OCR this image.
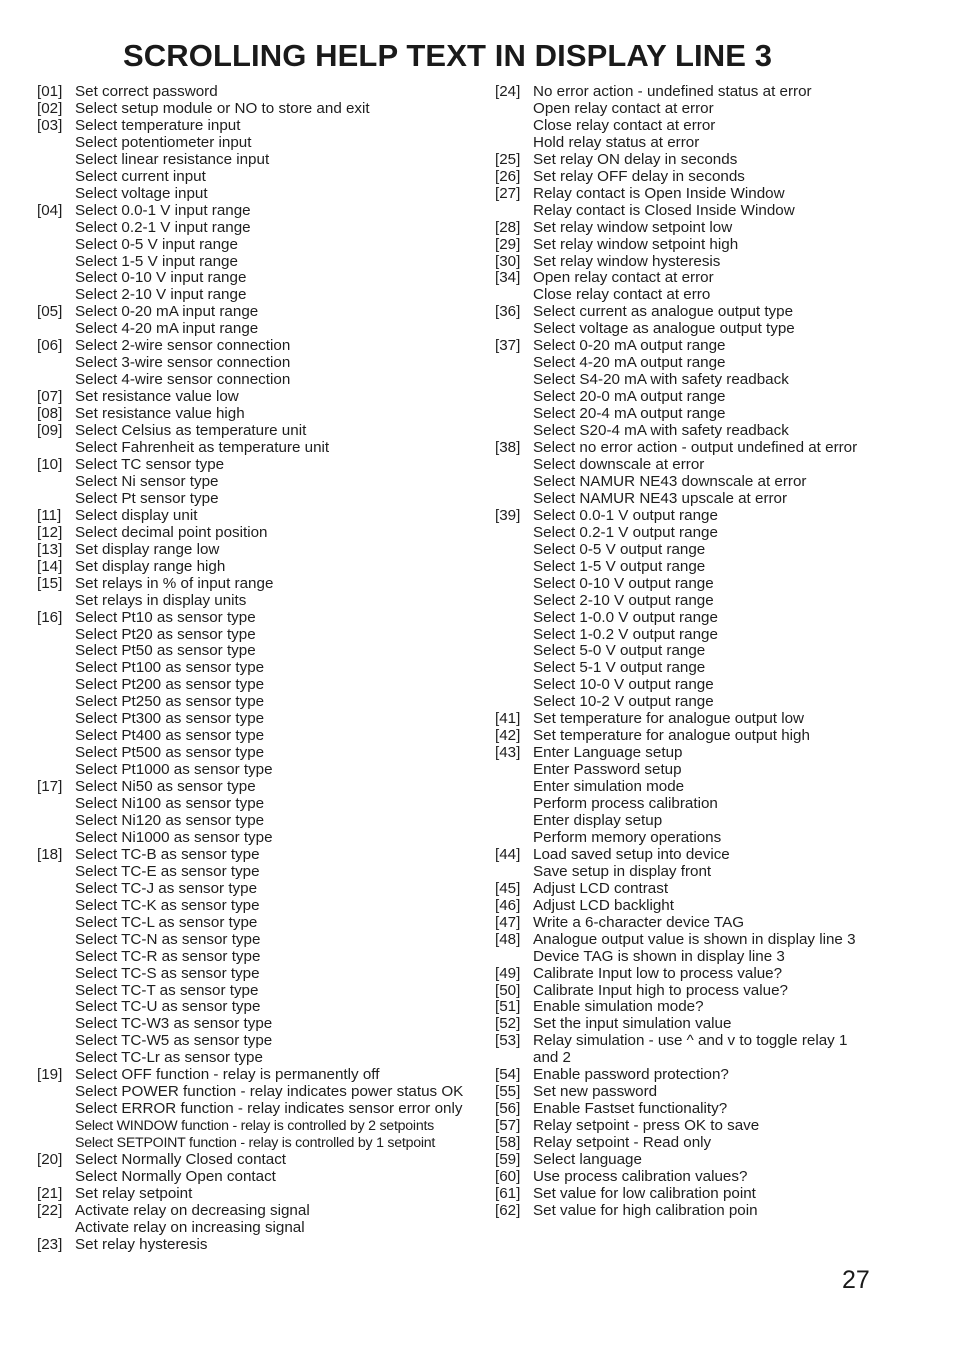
SCROLLING HELP TEXT IN DISPLAY LINE 3
[01] Set correct password
[02] Select setup module or NO to store and exit
[03] Select temperature input
Select potentiometer input
Select linear resistance input
Select current input
Select voltage input
[04] Select 0.0-1 V input range
Select 0.2-1 V input range
Select 0-5 V input range
Select 1-5 V input range
Select 0-10 V input range
Select 2-10 V input range
[05] Select 0-20 mA input range
Select 4-20 mA input range
[06] Select 2-wire sensor connection
Select 3-wire sensor connection
Select 4-wire sensor connection
[07] Set resistance value low
[08] Set resistance value high
[09] Select Celsius as temperature unit
Select Fahrenheit as temperature unit
[10] Select TC sensor type
Select Ni sensor type
Select Pt sensor type
[11] Select display unit
[12] Select decimal point position
[13] Set display range low
[14] Set display range high
[15] Set relays in % of input range
Set relays in display units
[16] Select Pt10 as sensor type
Select Pt20 as sensor type
Select Pt50 as sensor type
Select Pt100 as sensor type
Select Pt200 as sensor type
Select Pt250 as sensor type
Select Pt300 as sensor type
Select Pt400 as sensor type
Select Pt500 as sensor type
Select Pt1000 as sensor type
[17] Select Ni50 as sensor type
Select Ni100 as sensor type
Select Ni120 as sensor type
Select Ni1000 as sensor type
[18] Select TC-B as sensor type
Select TC-E as sensor type
Select TC-J as sensor type
Select TC-K as sensor type
Select TC-L as sensor type
Select TC-N as sensor type
Select TC-R as sensor type
Select TC-S as sensor type
Select TC-T as sensor type
Select TC-U as sensor type
Select TC-W3 as sensor type
Select TC-W5 as sensor type
Select TC-Lr as sensor type
[19] Select OFF function - relay is permanently off
Select POWER function - relay indicates power status OK
Select ERROR function - relay indicates sensor error only
Select WINDOW function - relay is controlled by 2 setpoints
Select SETPOINT function - relay is controlled by 1 setpoint
[20] Select Normally Closed contact
Select Normally Open contact
[21] Set relay setpoint
[22] Activate relay on decreasing signal
Activate relay on increasing signal
[23] Set relay hysteresis
[24] No error action - undefined status at error
Open relay contact at error
Close relay contact at error
Hold relay status at error
[25] Set relay ON delay in seconds
[26] Set relay OFF delay in seconds
[27] Relay contact is Open Inside Window
Relay contact is Closed Inside Window
[28] Set relay window setpoint low
[29] Set relay window setpoint high
[30] Set relay window hysteresis
[34] Open relay contact at error
Close relay contact at erro
[36] Select current as analogue output type
Select voltage as analogue output type
[37] Select 0-20 mA output range
Select 4-20 mA output range
Select S4-20 mA with safety readback
Select 20-0 mA output range
Select 20-4 mA output range
Select S20-4 mA with safety readback
[38] Select no error action - output undefined at error
Select downscale at error
Select NAMUR NE43 downscale at error
Select NAMUR NE43 upscale at error
[39] Select 0.0-1 V output range
Select 0.2-1 V output range
Select 0-5 V output range
Select 1-5 V output range
Select 0-10 V output range
Select 2-10 V output range
Select 1-0.0 V output range
Select 1-0.2 V output range
Select 5-0 V output range
Select 5-1 V output range
Select 10-0 V output range
Select 10-2 V output range
[41] Set temperature for analogue output low
[42] Set temperature for analogue output high
[43] Enter Language setup
Enter Password setup
Enter simulation mode
Perform process calibration
Enter display setup
Perform memory operations
[44] Load saved setup into device
Save setup in display front
[45] Adjust LCD contrast
[46] Adjust LCD backlight
[47] Write a 6-character device TAG
[48] Analogue output value is shown in display line 3
Device TAG is shown in display line 3
[49] Calibrate Input low to process value?
[50] Calibrate Input high to process value?
[51] Enable simulation mode?
[52] Set the input simulation value
[53] Relay simulation - use ^ and v to toggle relay 1
and 2
[54] Enable password protection?
[55] Set new password
[56] Enable Fastset functionality?
[57] Relay setpoint - press OK to save
[58] Relay setpoint - Read only
[59] Select language
[60] Use process calibration values?
[61] Set value for low calibration point
[62] Set value for high calibration poin
27
